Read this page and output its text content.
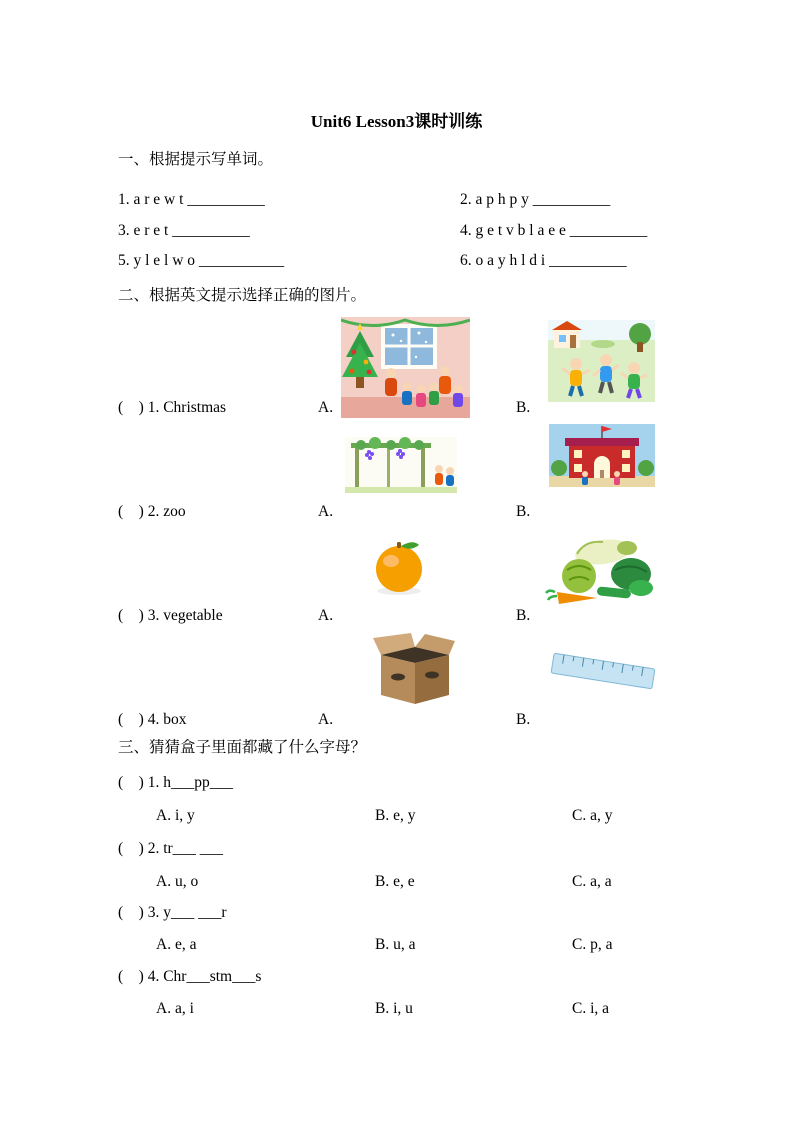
Unit6 Lesson3课时训练
一、根据提示写单词。
1. a r e w t __________	2. a p h p y __________
3. e r e t __________	4. g e t v b l a e e __________
5. y l e l w o ___________	6. o a y h l d i __________
二、根据英文提示选择正确的图片。
(　) 1. Christmas	A.	B.
(　) 2. zoo	A.	B.
(　) 3. vegetable	A.	B.
(　) 4. box	A.	B.
三、猜猜盒子里面都藏了什么字母？
(　) 1. h___pp___
A. i, y	B. e, y	C. a, y
(　) 2. tr___ ___
A. u, o	B. e, e	C. a, a
(　) 3. y___ ___r
A. e, a	B. u, a	C. p, a
(　) 4. Chr___stm___s
A. a, i	B. i, u	C. i, a
